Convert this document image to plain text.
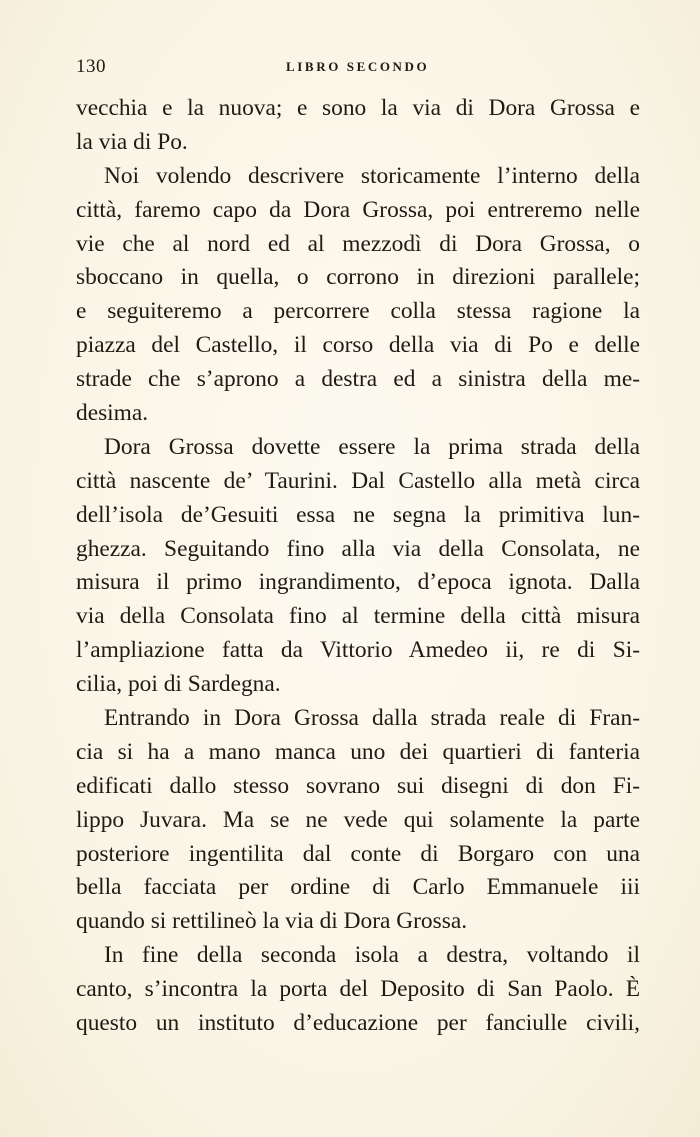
130	LIBRO SECONDO
vecchia e la nuova; e sono la via di Dora Grossa e
la via di Po.
Noi volendo descrivere storicamente l’interno della
città, faremo capo da Dora Grossa, poi entreremo nelle
vie che al nord ed al mezzodì di Dora Grossa, o
sboccano in quella, o corrono in direzioni parallele;
e seguiteremo a percorrere colla stessa ragione la
piazza del Castello, il corso della via di Po e delle
strade che s’aprono a destra ed a sinistra della me-
desima.
Dora Grossa dovette essere la prima strada della
città nascente de’ Taurini. Dal Castello alla metà circa
dell’isola de’Gesuiti essa ne segna la primitiva lun-
ghezza. Seguitando fino alla via della Consolata, ne
misura il primo ingrandimento, d’epoca ignota. Dalla
via della Consolata fino al termine della città misura
l’ampliazione fatta da Vittorio Amedeo ii, re di Si-
cilia, poi di Sardegna.
Entrando in Dora Grossa dalla strada reale di Fran-
cia si ha a mano manca uno dei quartieri di fanteria
edificati dallo stesso sovrano sui disegni di don Fi-
lippo Juvara. Ma se ne vede qui solamente la parte
posteriore ingentilita dal conte di Borgaro con una
bella facciata per ordine di Carlo Emmanuele iii
quando si rettilineò la via di Dora Grossa.
In fine della seconda isola a destra, voltando il
canto, s’incontra la porta del Deposito di San Paolo. È
questo un instituto d’educazione per fanciulle civili,
